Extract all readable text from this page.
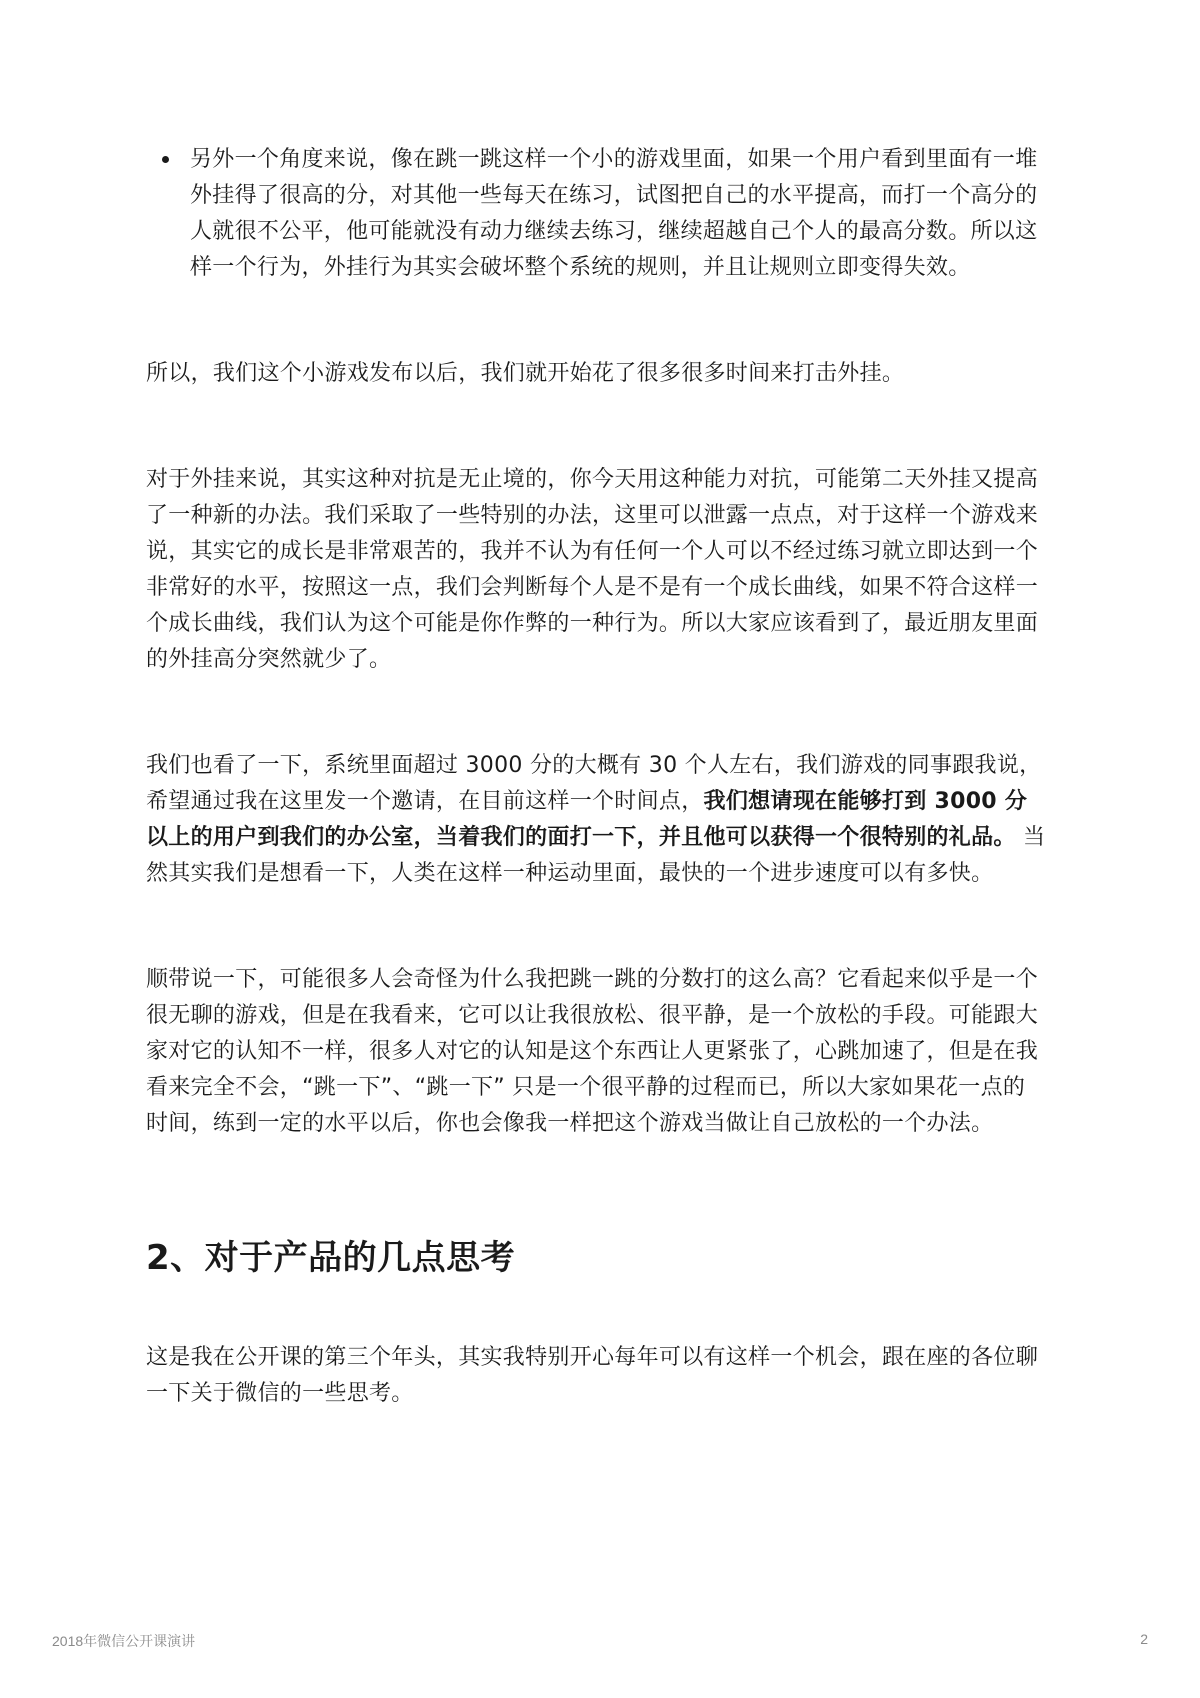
另外一个角度来说，像在跳一跳这样一个小的游戏里面，如果一个用户看到里面有一堆外挂得了很高的分，对其他一些每天在练习，试图把自己的水平提高，而打一个高分的人就很不公平，他可能就没有动力继续去练习，继续超越自己个人的最高分数。所以这样一个行为，外挂行为其实会破坏整个系统的规则，并且让规则立即变得失效。

所以，我们这个小游戏发布以后，我们就开始花了很多很多时间来打击外挂。

对于外挂来说，其实这种对抗是无止境的，你今天用这种能力对抗，可能第二天外挂又提高了一种新的办法。我们采取了一些特别的办法，这里可以泄露一点点，对于这样一个游戏来说，其实它的成长是非常艰苦的，我并不认为有任何一个人可以不经过练习就立即达到一个非常好的水平，按照这一点，我们会判断每个人是不是有一个成长曲线，如果不符合这样一个成长曲线，我们认为这个可能是你作弊的一种行为。所以大家应该看到了，最近朋友里面的外挂高分突然就少了。

我们也看了一下，系统里面超过 3000 分的大概有 30 个人左右，我们游戏的同事跟我说，希望通过我在这里发一个邀请，在目前这样一个时间点，我们想请现在能够打到 3000 分以上的用户到我们的办公室，当着我们的面打一下，并且他可以获得一个很特别的礼品。 当然其实我们是想看一下，人类在这样一种运动里面，最快的一个进步速度可以有多快。

顺带说一下，可能很多人会奇怪为什么我把跳一跳的分数打的这么高？它看起来似乎是一个很无聊的游戏，但是在我看来，它可以让我很放松、很平静，是一个放松的手段。可能跟大家对它的认知不一样，很多人对它的认知是这个东西让人更紧张了，心跳加速了，但是在我看来完全不会，“跳一下”、“跳一下” 只是一个很平静的过程而已，所以大家如果花一点的时间，练到一定的水平以后，你也会像我一样把这个游戏当做让自己放松的一个办法。

2、对于产品的几点思考

这是我在公开课的第三个年头，其实我特别开心每年可以有这样一个机会，跟在座的各位聊一下关于微信的一些思考。

2018年微信公开课演讲	2
